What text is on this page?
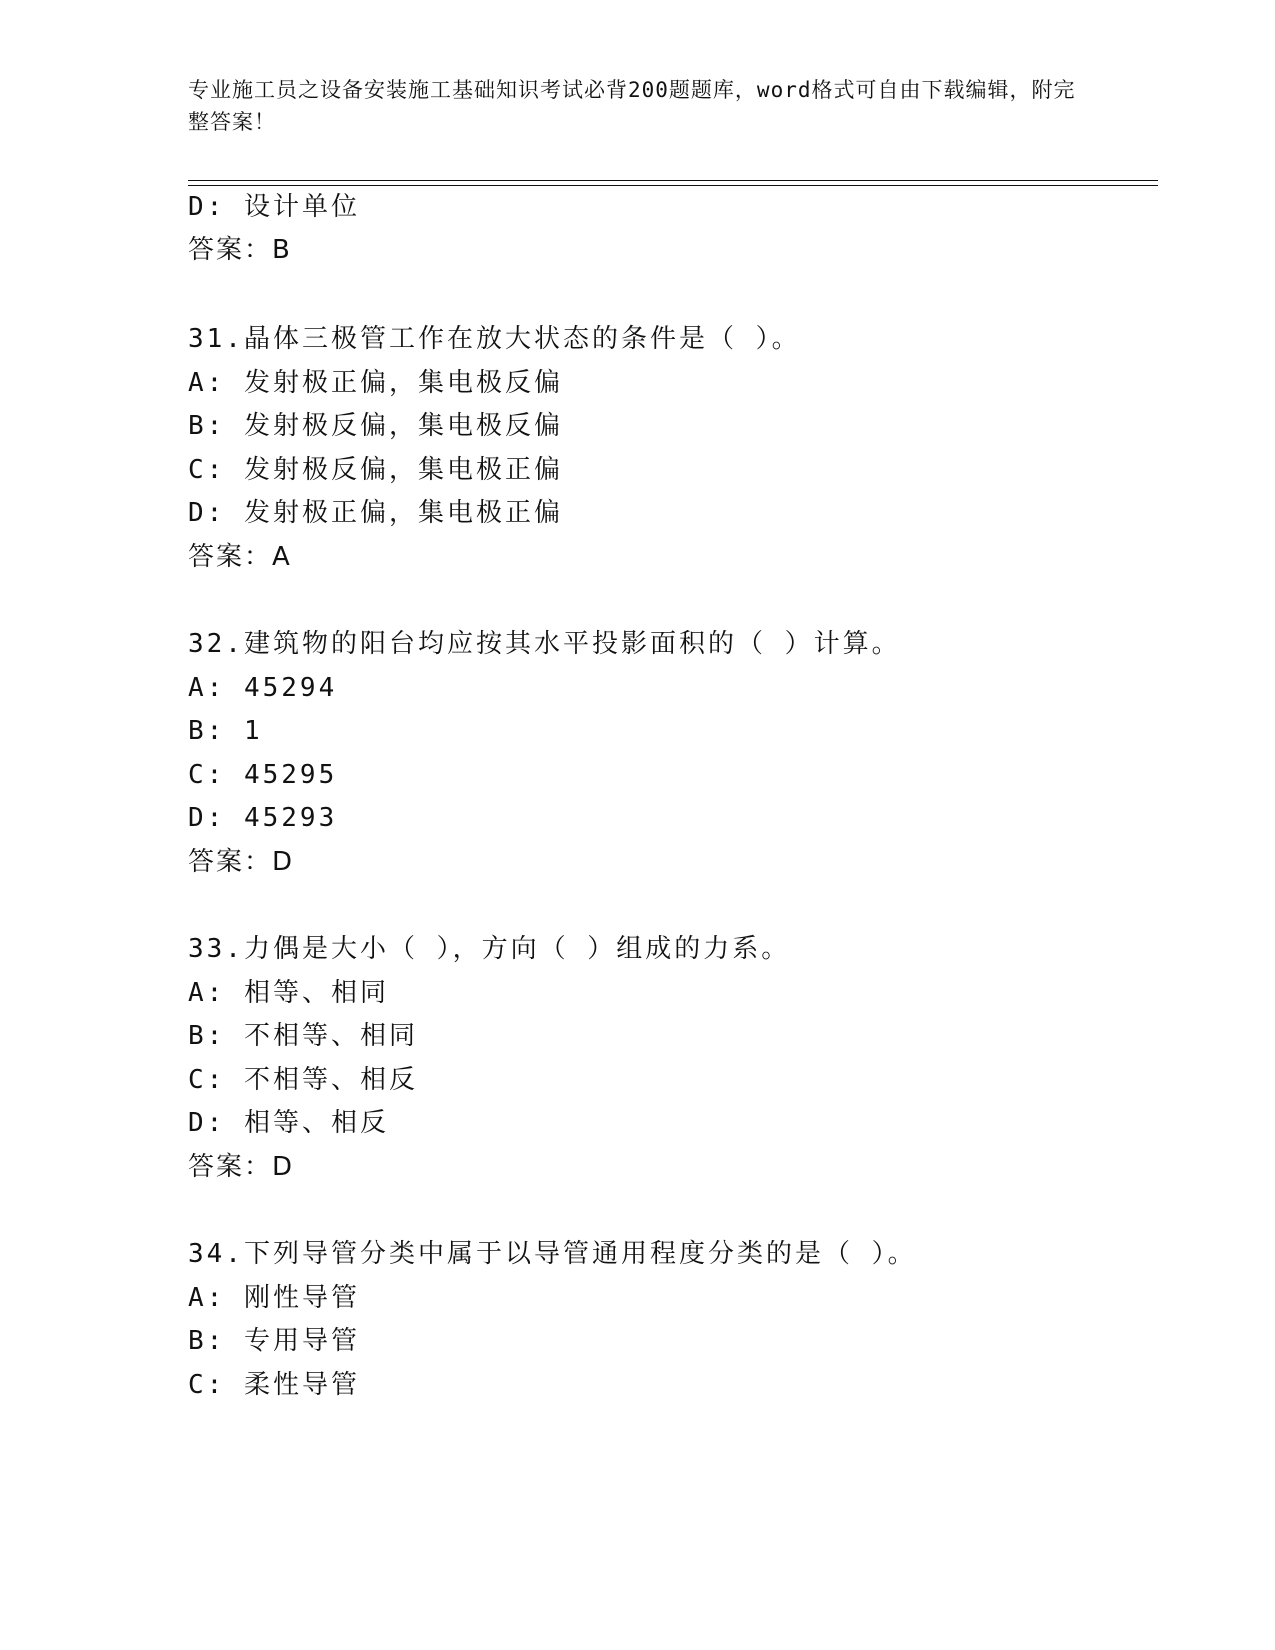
专业施工员之设备安装施工基础知识考试必背200题题库，word格式可自由下载编辑，附完整答案！
D: 设计单位
答案：B
31.晶体三极管工作在放大状态的条件是（ ）。
A: 发射极正偏，集电极反偏
B: 发射极反偏，集电极反偏
C: 发射极反偏，集电极正偏
D: 发射极正偏，集电极正偏
答案：A
32.建筑物的阳台均应按其水平投影面积的（ ）计算。
A: 45294
B: 1
C: 45295
D: 45293
答案：D
33.力偶是大小（ ），方向（ ）组成的力系。
A: 相等、相同
B: 不相等、相同
C: 不相等、相反
D: 相等、相反
答案：D
34.下列导管分类中属于以导管通用程度分类的是（ ）。
A: 刚性导管
B: 专用导管
C: 柔性导管
